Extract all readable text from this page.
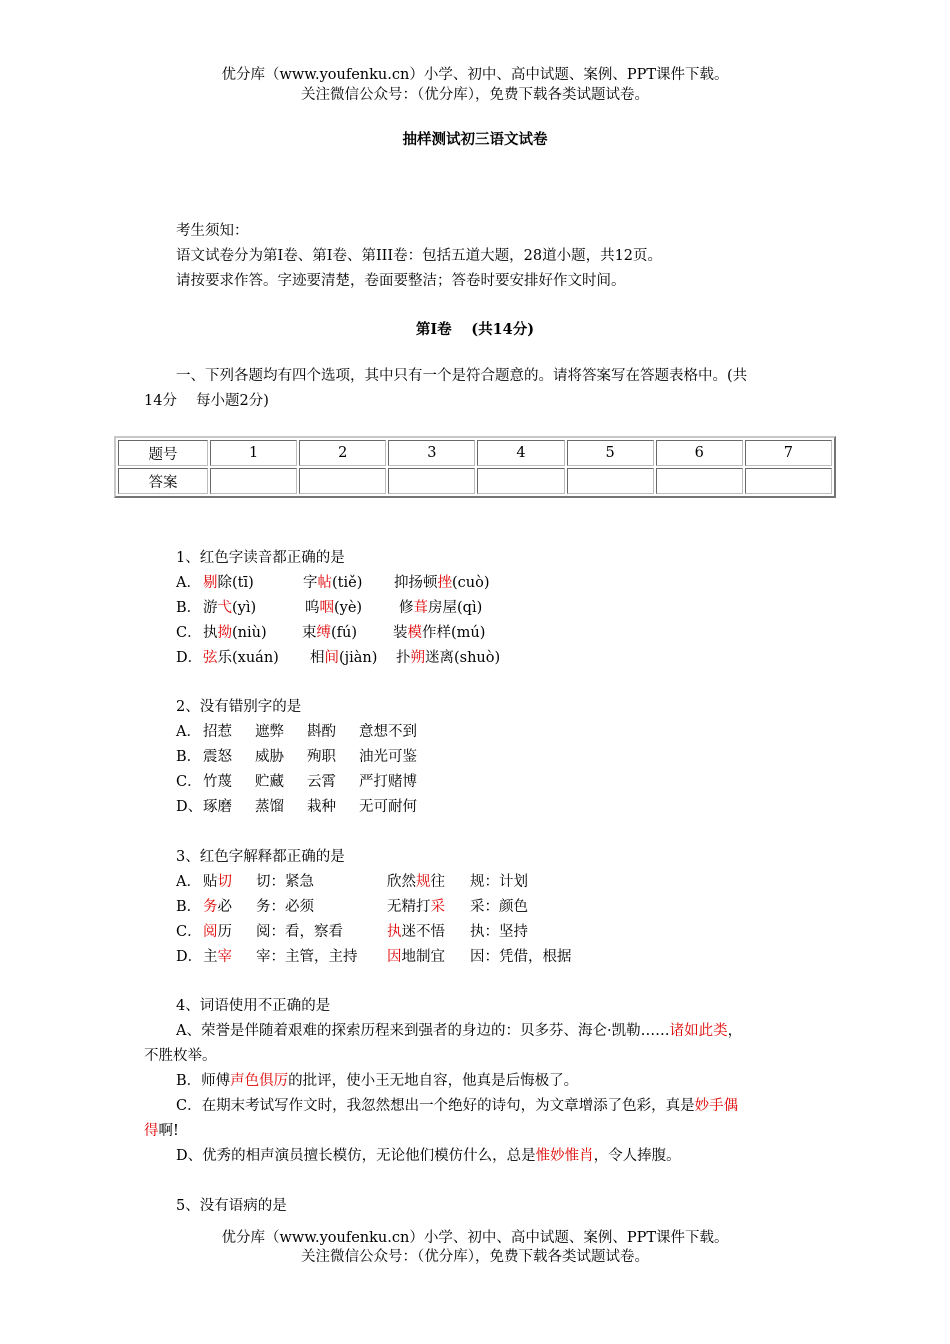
优分库（www.youfenku.cn）小学、初中、高中试题、案例、PPT课件下载。
关注微信公众号：（优分库），免费下载各类试题试卷。
抽样测试初三语文试卷
考生须知：
语文试卷分为第I卷、第I卷、第III卷：包括五道大题，28道小题，共12页。
请按要求作答。字迹要清楚，卷面要整洁；答卷时要安排好作文时间。
第I卷　 (共14分)
一、下列各题均有四个选项，其中只有一个是符合题意的。请将答案写在答题表格中。(共
14分　 每小题2分)
题号	1	2	3	4	5	6	7
答案							
1、红色字读音都正确的是
A． 剔除(tī)	字帖(tiě) 抑扬顿挫(cuò)
B． 游弋(yì)	呜咽(yè)	修葺房屋(qì)
C． 执拗(niù) 束缚(fú) 装模作样(mú)
D． 弦乐(xuán) 相间(jiàn) 扑朔迷离(shuò)
2、没有错别字的是
A． 招惹 遮弊 斟酌 意想不到
B． 震怒 威胁 殉职 油光可鉴
C． 竹蔑 贮藏 云霄 严打赌博
D、 琢磨 蒸馏 栽种 无可耐何
3、红色字解释都正确的是
A． 贴切 切：紧急	欣然规往 规：计划
B． 务必 务：必须	无精打采 采：颜色
C． 阅历 阅：看，察看	执迷不悟 执：坚持
D． 主宰 宰：主管，主持 因地制宜 因：凭借，根据
4、词语使用不正确的是
A、荣誉是伴随着艰难的探索历程来到强者的身边的：贝多芬、海仑·凯勒……诸如此类，
不胜枚举。
B．师傅声色俱厉的批评，使小王无地自容，他真是后悔极了。
C．在期末考试写作文时，我忽然想出一个绝好的诗句，为文章增添了色彩，真是妙手偶
得啊!
D、优秀的相声演员擅长模仿，无论他们模仿什么，总是惟妙惟肖，令人捧腹。
5、没有语病的是
优分库（www.youfenku.cn）小学、初中、高中试题、案例、PPT课件下载。
关注微信公众号：（优分库），免费下载各类试题试卷。
